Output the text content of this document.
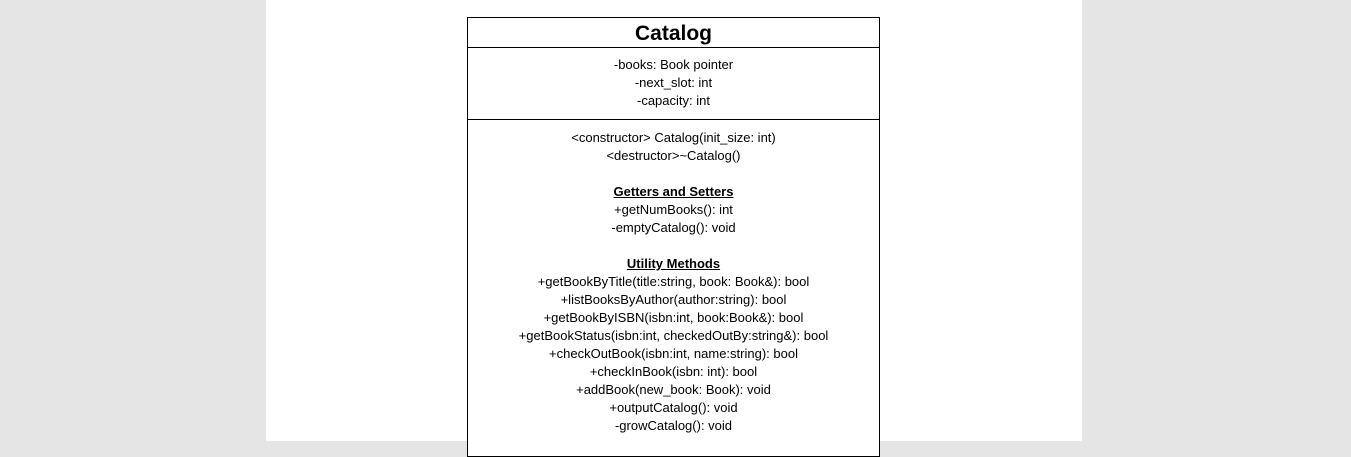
Catalog
-books: Book pointer
-next_slot: int
-capacity: int
<constructor> Catalog(init_size: int)
<destructor>~Catalog()
Getters and Setters
+getNumBooks(): int
-emptyCatalog(): void
Utility Methods
+getBookByTitle(title:string, book: Book&): bool
+listBooksByAuthor(author:string): bool
+getBookByISBN(isbn:int, book:Book&): bool
+getBookStatus(isbn:int, checkedOutBy:string&): bool
+checkOutBook(isbn:int, name:string): bool
+checkInBook(isbn: int): bool
+addBook(new_book: Book): void
+outputCatalog(): void
-growCatalog(): void
